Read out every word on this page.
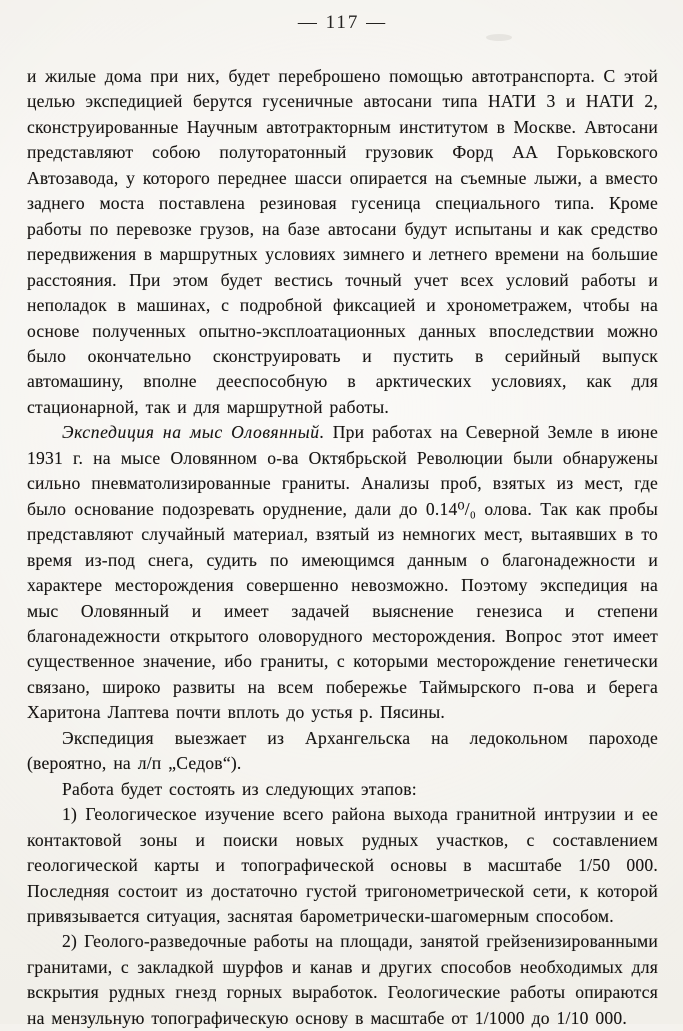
— 117 —

и жилые дома при них, будет переброшено помощью автотранспорта. С этой целью экспедицией берутся гусеничные автосани типа НАТИ 3 и НАТИ 2, сконструированные Научным автотракторным институтом в Москве. Автосани представляют собою полуторатонный грузовик Форд АА Горьковского Автозавода, у которого переднее шасси опирается на съемные лыжи, а вместо заднего моста поставлена резиновая гусеница специального типа. Кроме работы по перевозке грузов, на базе автосани будут испытаны и как средство передвижения в маршрутных условиях зимнего и летнего времени на большие расстояния. При этом будет вестись точный учет всех условий работы и неполадок в машинах, с подробной фиксацией и хронометражем, чтобы на основе полученных опытно-эксплоатационных данных впоследствии можно было окончательно сконструировать и пустить в серийный выпуск автомашину, вполне дееспособную в арктических условиях, как для стационарной, так и для маршрутной работы.

Экспедиция на мыс Оловянный. При работах на Северной Земле в июне 1931 г. на мысе Оловянном о-ва Октябрьской Революции были обнаружены сильно пневматолизированные граниты. Анализы проб, взятых из мест, где было основание подозревать оруднение, дали до 0.14⁰/₀ олова. Так как пробы представляют случайный материал, взятый из немногих мест, вытаявших в то время из-под снега, судить по имеющимся данным о благонадежности и характере месторождения совершенно невозможно. Поэтому экспедиция на мыс Оловянный и имеет задачей выяснение генезиса и степени благонадежности открытого оловорудного месторождения. Вопрос этот имеет существенное значение, ибо граниты, с которыми месторождение генетически связано, широко развиты на всем побережье Таймырского п-ова и берега Харитона Лаптева почти вплоть до устья р. Пясины.

Экспедиция выезжает из Архангельска на ледокольном пароходе (вероятно, на л/п „Седов“).

Работа будет состоять из следующих этапов:

1) Геологическое изучение всего района выхода гранитной интрузии и ее контактовой зоны и поиски новых рудных участков, с составлением геологической карты и топографической основы в масштабе 1/50 000. Последняя состоит из достаточно густой тригонометрической сети, к которой привязывается ситуация, заснятая барометрически-шагомерным способом.

2) Геолого-разведочные работы на площади, занятой грейзенизированными гранитами, с закладкой шурфов и канав и других способов необходимых для вскрытия рудных гнезд горных выработок. Геологические работы опираются на мензульную топографическую основу в масштабе от 1/1000 до 1/10 000.
